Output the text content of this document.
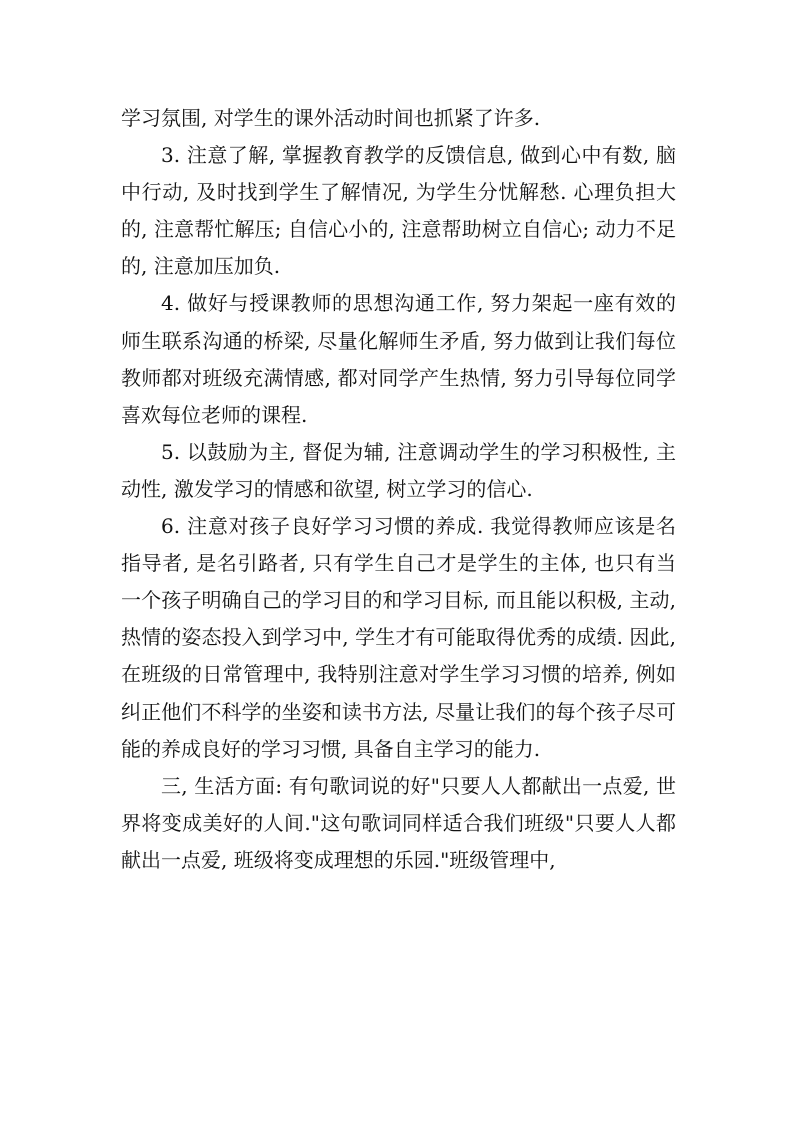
学习氛围, 对学生的课外活动时间也抓紧了许多.

3. 注意了解, 掌握教育教学的反馈信息, 做到心中有数, 脑中行动, 及时找到学生了解情况, 为学生分忧解愁. 心理负担大的, 注意帮忙解压; 自信心小的, 注意帮助树立自信心; 动力不足的, 注意加压加负.

4. 做好与授课教师的思想沟通工作, 努力架起一座有效的师生联系沟通的桥梁, 尽量化解师生矛盾, 努力做到让我们每位教师都对班级充满情感, 都对同学产生热情, 努力引导每位同学喜欢每位老师的课程.

5. 以鼓励为主, 督促为辅, 注意调动学生的学习积极性, 主动性, 激发学习的情感和欲望, 树立学习的信心.

6. 注意对孩子良好学习习惯的养成. 我觉得教师应该是名指导者, 是名引路者, 只有学生自己才是学生的主体, 也只有当一个孩子明确自己的学习目的和学习目标, 而且能以积极, 主动, 热情的姿态投入到学习中, 学生才有可能取得优秀的成绩. 因此, 在班级的日常管理中, 我特别注意对学生学习习惯的培养, 例如纠正他们不科学的坐姿和读书方法, 尽量让我们的每个孩子尽可能的养成良好的学习习惯, 具备自主学习的能力.

三, 生活方面: 有句歌词说的好"只要人人都献出一点爱, 世界将变成美好的人间."这句歌词同样适合我们班级"只要人人都献出一点爱, 班级将变成理想的乐园."班级管理中,
